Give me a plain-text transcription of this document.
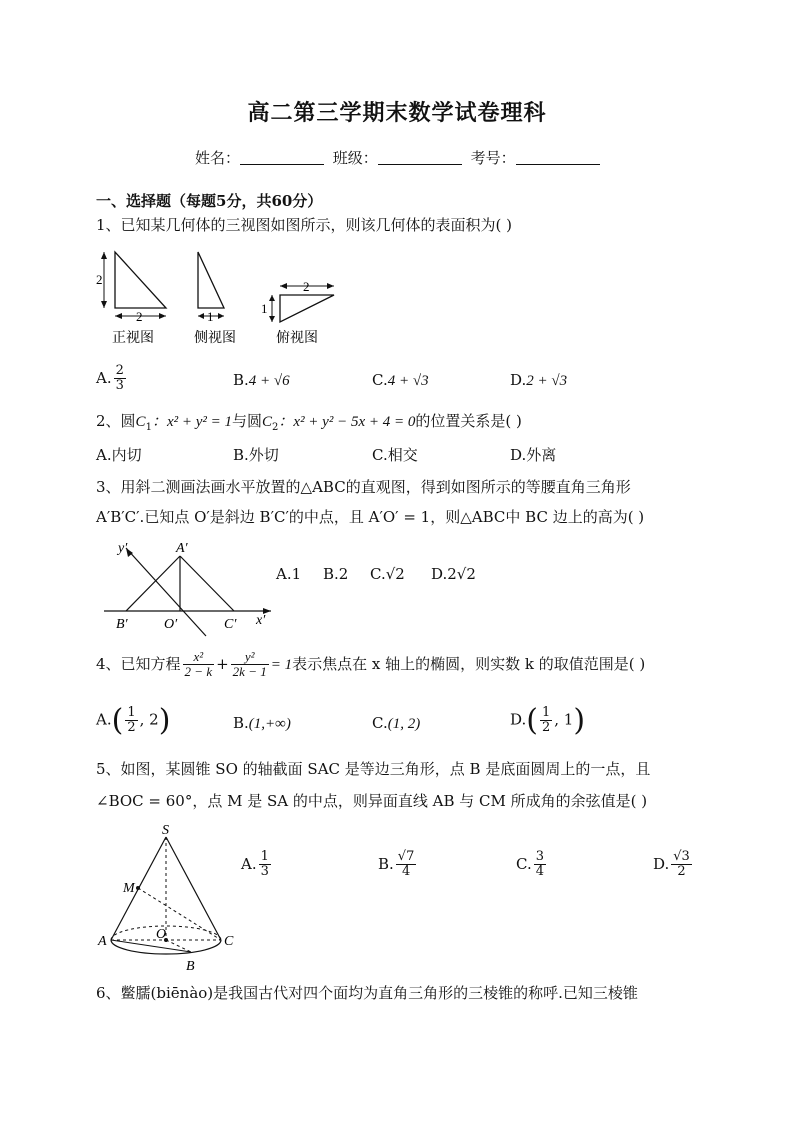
高二第三学期末数学试卷理科
姓名：	班级：	考号：
一、选择题（每题5分，共60分）
1、已知某几何体的三视图如图所示，则该几何体的表面积为( )
2
2
正视图
1
侧视图
2
1
俯视图
A. $\frac{2}{3}$	B.4 + √6	C.4 + √3	D.2 + √3
2、圆$C_1$：x² + y² = 1与圆$C_2$：x² + y² − 5x + 4 = 0的位置关系是( )
A.内切	B.外切	C.相交	D.外离
3、用斜二测画法画水平放置的△ABC的直观图，得到如图所示的等腰直角三角形
A′B′C′.已知点 O′是斜边 B′C′的中点，且 A′O′ = 1，则△ABC中 BC 边上的高为( )
y′	A′
B′	O′	C′ x′
A.1 B.2 C.√2 D.2√2
4、已知方程 $\frac{\text{x²}}{2 - k} + \frac{\text{y²}}{2k - 1} = 1$表示焦点在 x 轴上的椭圆，则实数 k 的取值范围是( )
$A.( \frac{1}{2}$ , 2)	B.(1,+∞)	C.(1, 2)	$D.( \frac{1}{2}$ , 1)
5、如图，某圆锥 SO 的轴截面 SAC 是等边三角形，点 B 是底面圆周上的一点，且
∠BOC = 60°，点 M 是 SA 的中点，则异面直线 AB 与 CM 所成角的余弦值是( )
S
M
A	O	C
B
A. $\frac{1}{3}$	B. $\frac{√7}{4}$	C. $\frac{3}{4}$	D. $\frac{√3}{2}$
6、鳖臑(biēnào)是我国古代对四个面均为直角三角形的三棱锥的称呼.已知三棱锥
